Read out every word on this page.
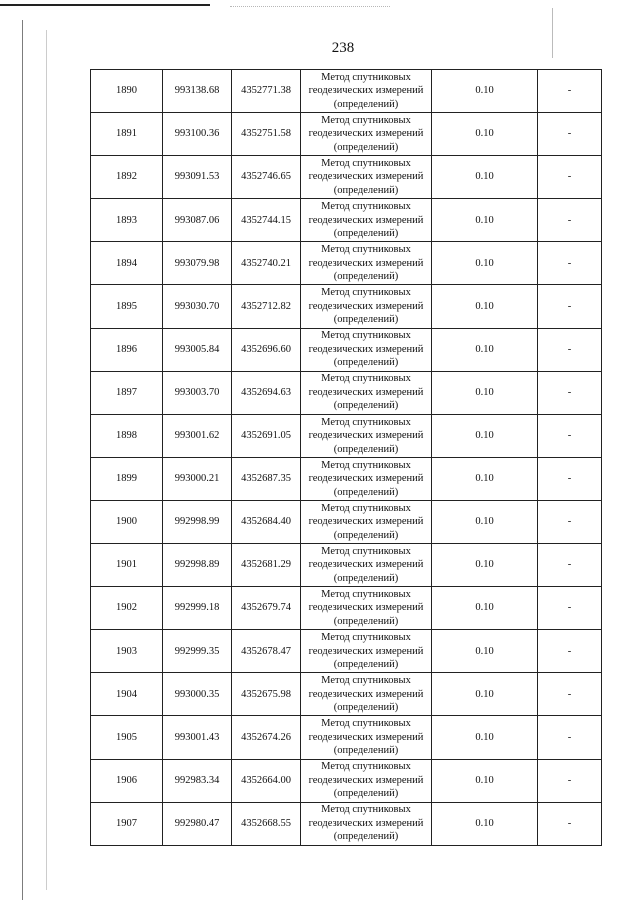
238
1890	993138.68	4352771.38	Метод спутниковых
геодезических измерений
(определений)	0.10	-
1891	993100.36	4352751.58	Метод спутниковых
геодезических измерений
(определений)	0.10	-
1892	993091.53	4352746.65	Метод спутниковых
геодезических измерений
(определений)	0.10	-
1893	993087.06	4352744.15	Метод спутниковых
геодезических измерений
(определений)	0.10	-
1894	993079.98	4352740.21	Метод спутниковых
геодезических измерений
(определений)	0.10	-
1895	993030.70	4352712.82	Метод спутниковых
геодезических измерений
(определений)	0.10	-
1896	993005.84	4352696.60	Метод спутниковых
геодезических измерений
(определений)	0.10	-
1897	993003.70	4352694.63	Метод спутниковых
геодезических измерений
(определений)	0.10	-
1898	993001.62	4352691.05	Метод спутниковых
геодезических измерений
(определений)	0.10	-
1899	993000.21	4352687.35	Метод спутниковых
геодезических измерений
(определений)	0.10	-
1900	992998.99	4352684.40	Метод спутниковых
геодезических измерений
(определений)	0.10	-
1901	992998.89	4352681.29	Метод спутниковых
геодезических измерений
(определений)	0.10	-
1902	992999.18	4352679.74	Метод спутниковых
геодезических измерений
(определений)	0.10	-
1903	992999.35	4352678.47	Метод спутниковых
геодезических измерений
(определений)	0.10	-
1904	993000.35	4352675.98	Метод спутниковых
геодезических измерений
(определений)	0.10	-
1905	993001.43	4352674.26	Метод спутниковых
геодезических измерений
(определений)	0.10	-
1906	992983.34	4352664.00	Метод спутниковых
геодезических измерений
(определений)	0.10	-
1907	992980.47	4352668.55	Метод спутниковых
геодезических измерений
(определений)	0.10	-
